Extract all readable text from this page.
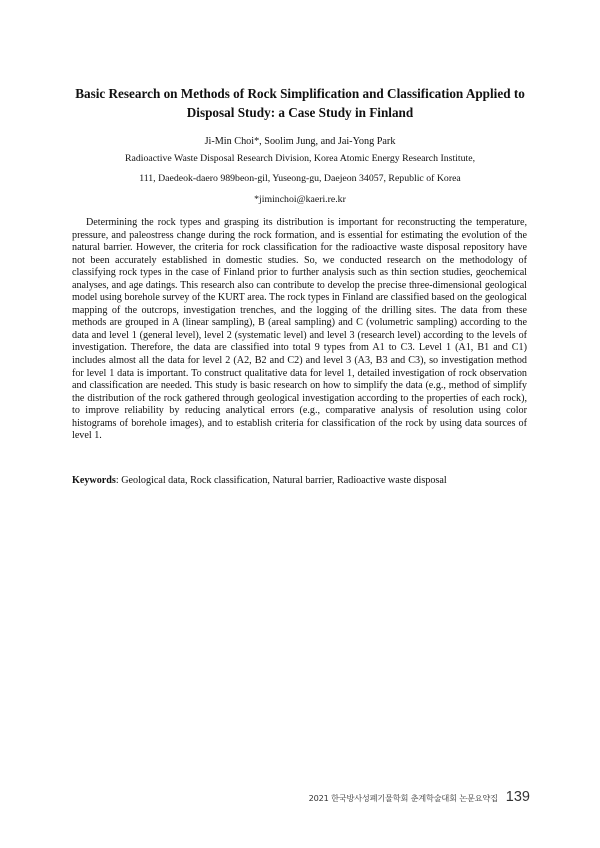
Basic Research on Methods of Rock Simplification and Classification Applied to Disposal Study: a Case Study in Finland
Ji-Min Choi*, Soolim Jung, and Jai-Yong Park
Radioactive Waste Disposal Research Division, Korea Atomic Energy Research Institute,
111, Daedeok-daero 989beon-gil, Yuseong-gu, Daejeon 34057, Republic of Korea
*jiminchoi@kaeri.re.kr

Determining the rock types and grasping its distribution is important for reconstructing the temperature, pressure, and paleostress change during the rock formation, and is essential for estimating the evolution of the natural barrier. However, the criteria for rock classification for the radioactive waste disposal repository have not been accurately established in domestic studies. So, we conducted research on the methodology of classifying rock types in the case of Finland prior to further analysis such as thin section studies, geochemical analyses, and age datings. This research also can contribute to develop the precise three-dimensional geological model using borehole survey of the KURT area. The rock types in Finland are classified based on the geological mapping of the outcrops, investigation trenches, and the logging of the drilling sites. The data from these methods are grouped in A (linear sampling), B (areal sampling) and C (volumetric sampling) according to the data and level 1 (general level), level 2 (systematic level) and level 3 (research level) according to the levels of investigation. Therefore, the data are classified into total 9 types from A1 to C3. Level 1 (A1, B1 and C1) includes almost all the data for level 2 (A2, B2 and C2) and level 3 (A3, B3 and C3), so investigation method for level 1 data is important. To construct qualitative data for level 1, detailed investigation of rock observation and classification are needed. This study is basic research on how to simplify the data (e.g., method of simplify the distribution of the rock gathered through geological investigation according to the properties of each rock), to improve reliability by reducing analytical errors (e.g., comparative analysis of resolution using color histograms of borehole images), and to establish criteria for classification of the rock by using data sources of level 1.

Keywords: Geological data, Rock classification, Natural barrier, Radioactive waste disposal

2021 한국방사성폐기물학회 춘계학술대회 논문요약집 139
